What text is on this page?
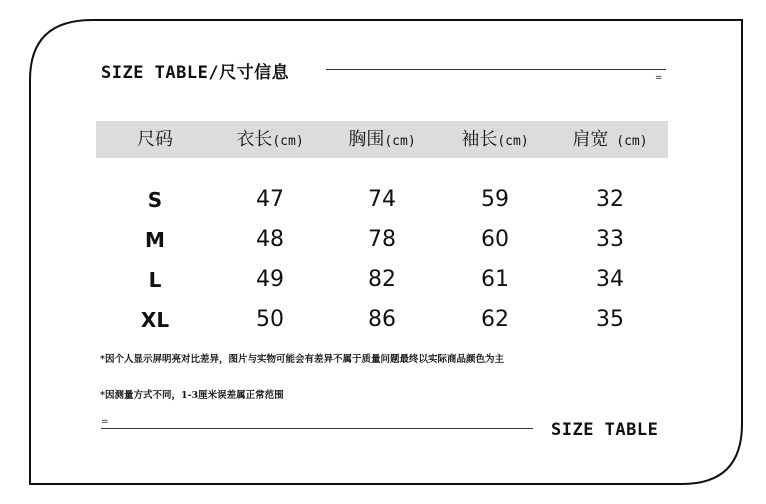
SIZE TABLE/尺寸信息	=
尺码	衣长(cm)	胸围(cm)	袖长(cm)	肩宽 (cm)
S	47	74	59	32
M	48	78	60	33
L	49	82	61	34
XL	50	86	62	35
*因个人显示屏明亮对比差异，图片与实物可能会有差异不属于质量问题最终以实际商品颜色为主
*因测量方式不同，1-3厘米误差属正常范围
=	SIZE TABLE
